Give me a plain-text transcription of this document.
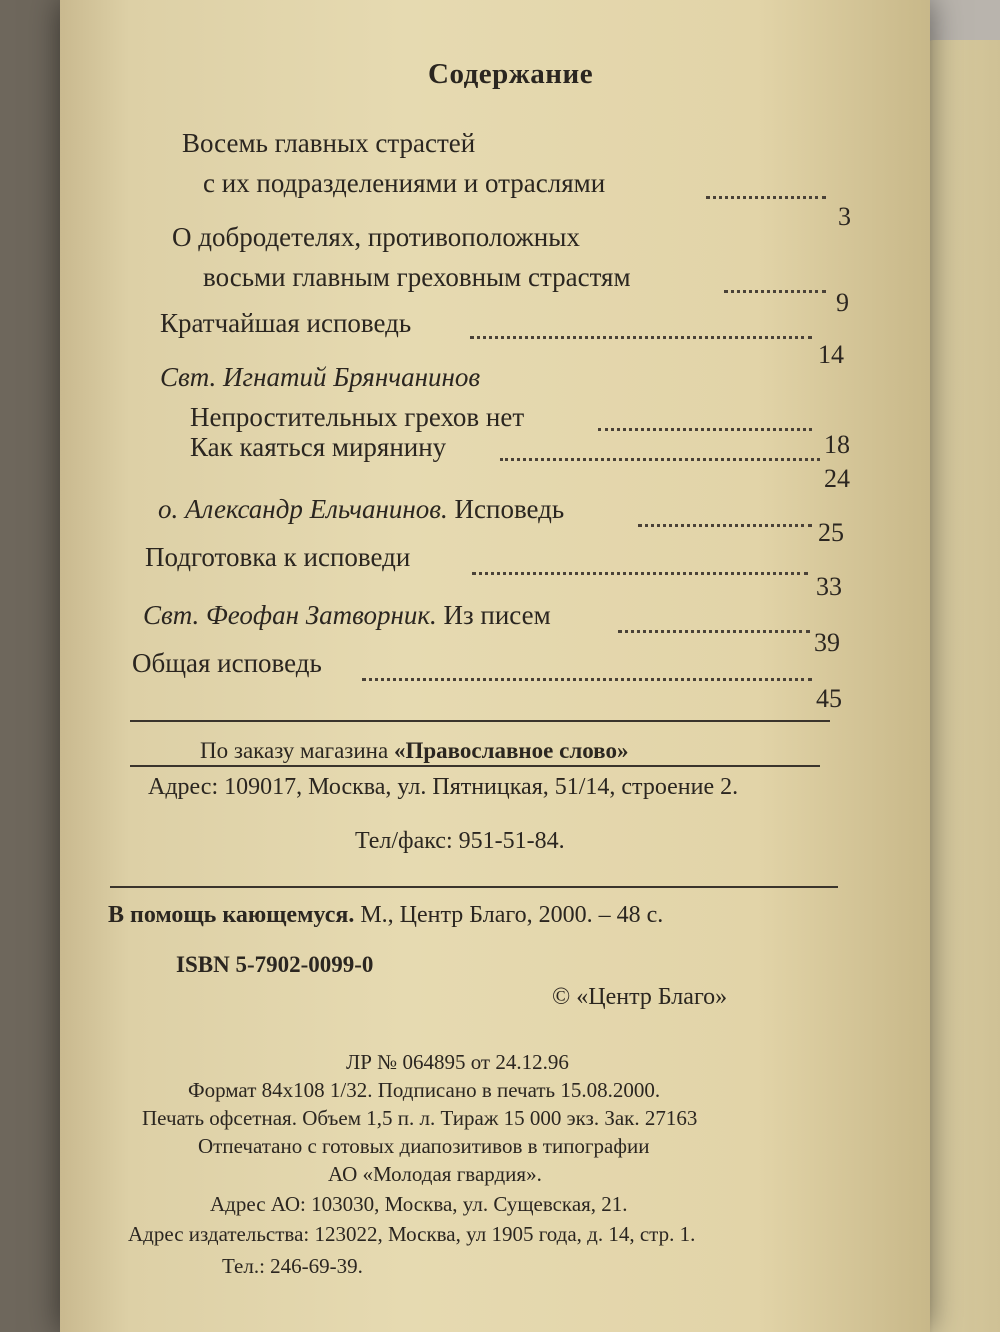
Содержание
Восемь главных страстей
с их подразделениями и отраслями
3
О добродетелях, противоположных
восьми главным греховным страстям
9
Кратчайшая исповедь
14
Свт. Игнатий Брянчанинов
Непростительных грехов нет
18
Как каяться мирянину
24
о. Александр Ельчанинов. Исповедь
25
Подготовка к исповеди
33
Свт. Феофан Затворник. Из писем
39
Общая исповедь
45
По заказу магазина «Православное слово»
Адрес: 109017, Москва, ул. Пятницкая, 51/14, строение 2.
Тел/факс: 951-51-84.
В помощь кающемуся. М., Центр Благо, 2000. – 48 с.
ISBN 5-7902-0099-0
© «Центр Благо»
ЛР № 064895 от 24.12.96
Формат 84х108 1/32. Подписано в печать 15.08.2000.
Печать офсетная. Объем 1,5 п. л. Тираж 15 000 экз. Зак. 27163
Отпечатано с готовых диапозитивов в типографии
АО «Молодая гвардия».
Адрес АО: 103030, Москва, ул. Сущевская, 21.
Адрес издательства: 123022, Москва, ул 1905 года, д. 14, стр. 1.
Тел.: 246-69-39.
